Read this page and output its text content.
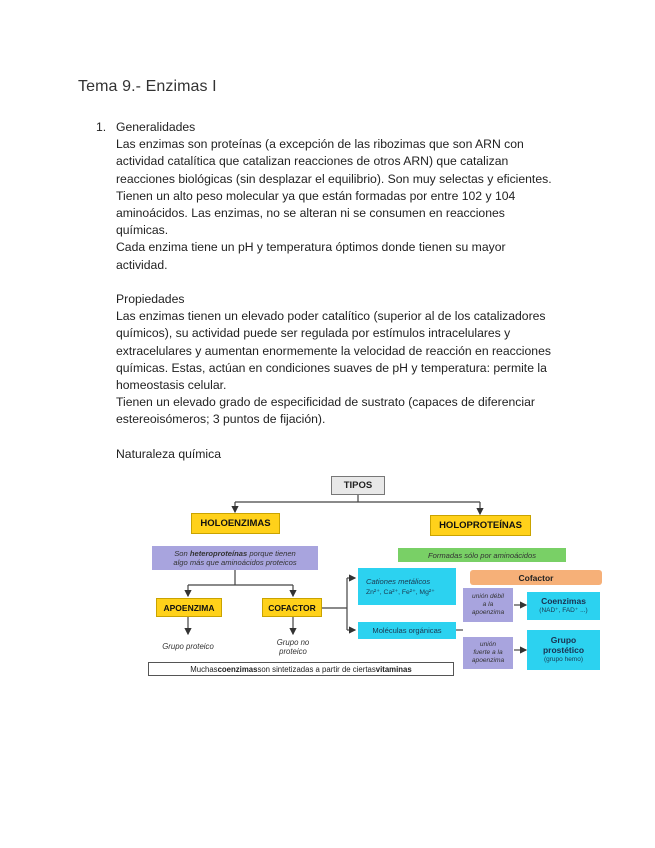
Tema 9.- Enzimas I
1. Generalidades
Las enzimas son proteínas (a excepción de las ribozimas que son ARN con
actividad catalítica que catalizan reacciones de otros ARN) que catalizan
reacciones biológicas (sin desplazar el equilibrio). Son muy selectas y eficientes.
Tienen un alto peso molecular ya que están formadas por entre 102 y 104
aminoácidos. Las enzimas, no se alteran ni se consumen en reacciones
químicas.
Cada enzima tiene un pH y temperatura óptimos donde tienen su mayor
actividad.
Propiedades
Las enzimas tienen un elevado poder catalítico (superior al de los catalizadores
químicos), su actividad puede ser regulada por estímulos intracelulares y
extracelulares y aumentan enormemente la velocidad de reacción en reacciones
químicas. Estas, actúan en condiciones suaves de pH y temperatura: permite la
homeostasis celular.
Tienen un elevado grado de especificidad de sustrato (capaces de diferenciar
estereoisómeros; 3 puntos de fijación).
Naturaleza química
TIPOS
HOLOENZIMAS	HOLOPROTEÍNAS
Son heteroproteínas porque tienen
algo más que aminoácidos proteicos
Formadas sólo por aminoácidos
APOENZIMA	COFACTOR
Grupo proteico	Grupo no
proteico
Muchas coenzimas son sintetizadas a partir de ciertas vitaminas
Cationes metálicos
Zn²⁺, Ca²⁺, Fe²⁺, Mg²⁺
Cofactor
Moléculas orgánicas
unión débil
a la
apoenzima
unión
fuerte a la
apoenzima
Coenzimas
(NAD⁺, FAD⁺ ...)
Grupo
prostético
(grupo hemo)
